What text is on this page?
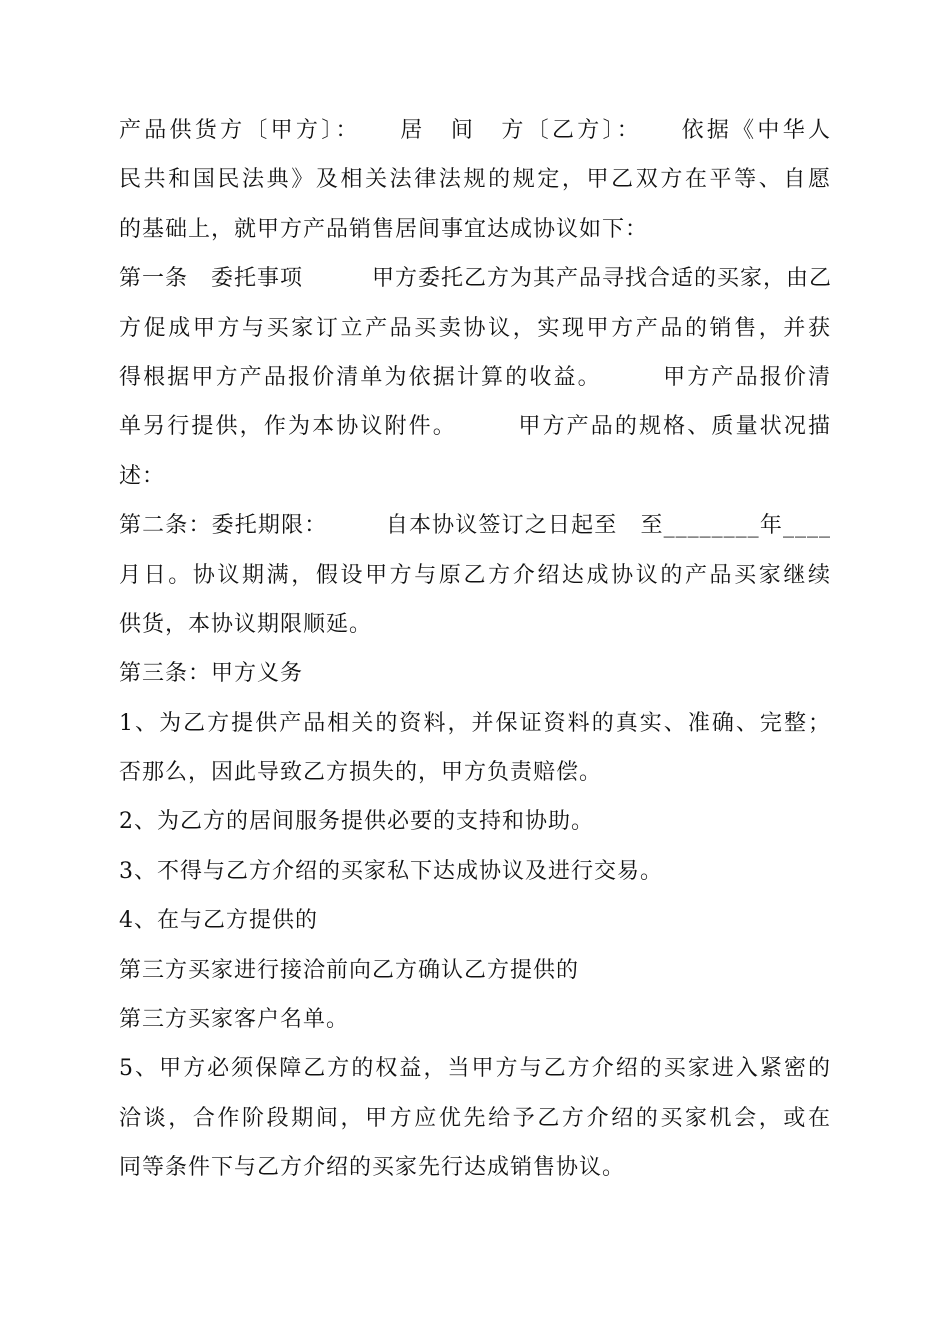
产品供货方〔甲方〕：　　居　间　方〔乙方〕：　　依据《中华人
民共和国民法典》及相关法律法规的规定，甲乙双方在平等、自愿
的基础上，就甲方产品销售居间事宜达成协议如下：
第一条　委托事项　　　甲方委托乙方为其产品寻找合适的买家，由乙
方促成甲方与买家订立产品买卖协议，实现甲方产品的销售，并获
得根据甲方产品报价清单为依据计算的收益。　　　甲方产品报价清
单另行提供，作为本协议附件。　　　甲方产品的规格、质量状况描
述：
第二条：委托期限：　　　自本协议签订之日起至　至________年____
月日。协议期满，假设甲方与原乙方介绍达成协议的产品买家继续
供货，本协议期限顺延。
第三条：甲方义务
1、为乙方提供产品相关的资料，并保证资料的真实、准确、完整；
否那么，因此导致乙方损失的，甲方负责赔偿。
2、为乙方的居间服务提供必要的支持和协助。
3、不得与乙方介绍的买家私下达成协议及进行交易。
4、在与乙方提供的
第三方买家进行接洽前向乙方确认乙方提供的
第三方买家客户名单。
5、甲方必须保障乙方的权益，当甲方与乙方介绍的买家进入紧密的
洽谈，合作阶段期间，甲方应优先给予乙方介绍的买家机会，或在
同等条件下与乙方介绍的买家先行达成销售协议。
